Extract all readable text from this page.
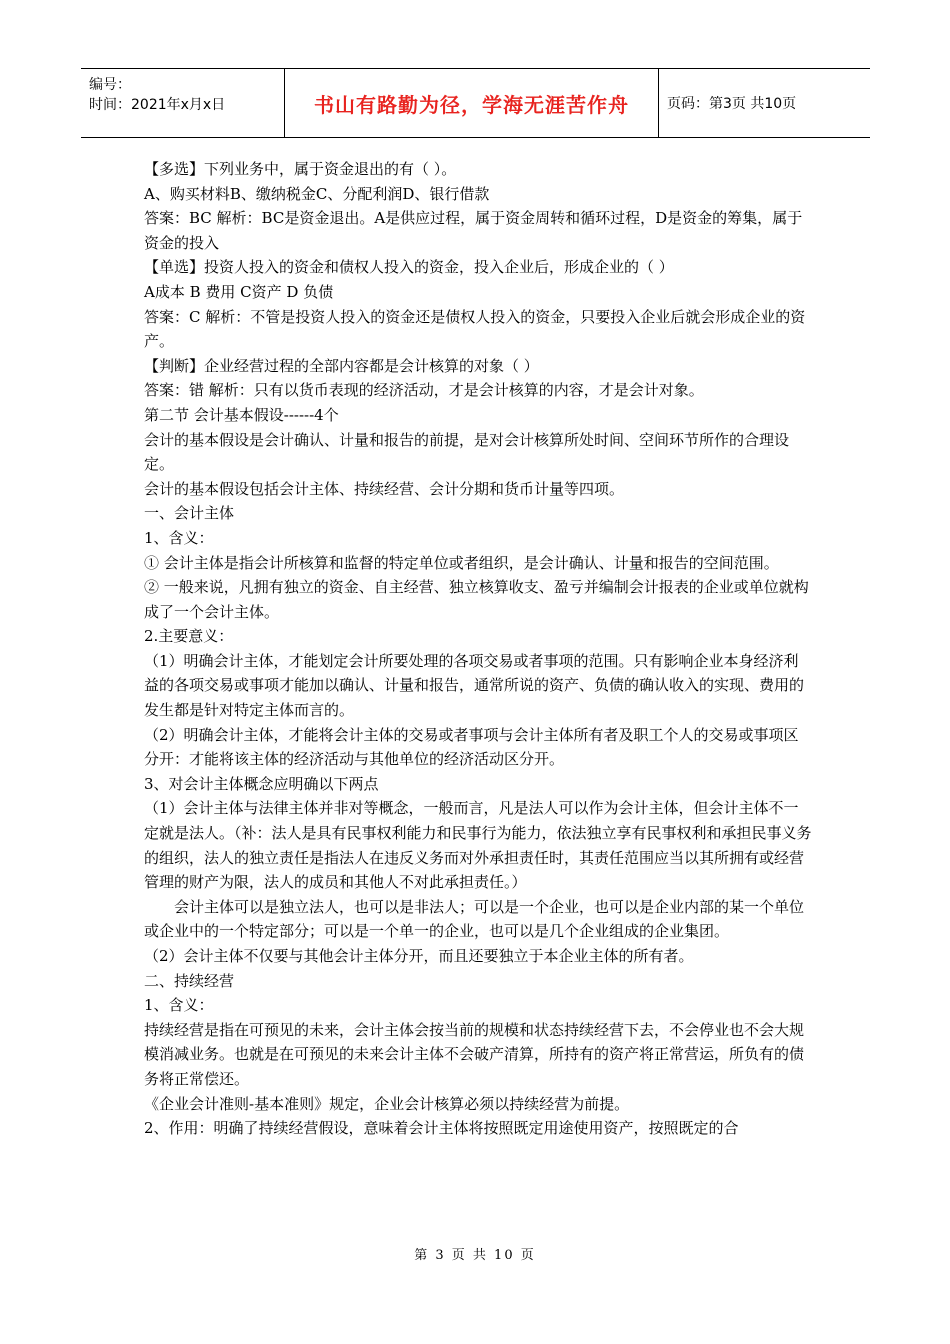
编号：
时间：2021年x月x日	书山有路勤为径，学海无涯苦作舟	页码：第3页 共10页

【多选】下列业务中，属于资金退出的有（ ）。

A、购买材料B、缴纳税金C、分配利润D、银行借款

答案：BC 解析：BC是资金退出。A是供应过程，属于资金周转和循环过程，D是资金的筹集，属于资金的投入

【单选】投资人投入的资金和债权人投入的资金，投入企业后，形成企业的（ ）

A成本 B 费用 C资产 D 负债

答案：C 解析：不管是投资人投入的资金还是债权人投入的资金，只要投入企业后就会形成企业的资产。

【判断】企业经营过程的全部内容都是会计核算的对象（ ）

答案：错 解析：只有以货币表现的经济活动，才是会计核算的内容，才是会计对象。

第二节 会计基本假设------4个

会计的基本假设是会计确认、计量和报告的前提，是对会计核算所处时间、空间环节所作的合理设定。

会计的基本假设包括会计主体、持续经营、会计分期和货币计量等四项。

一、会计主体

1、含义：

① 会计主体是指会计所核算和监督的特定单位或者组织，是会计确认、计量和报告的空间范围。

② 一般来说，凡拥有独立的资金、自主经营、独立核算收支、盈亏并编制会计报表的企业或单位就构成了一个会计主体。

2.主要意义：

（1）明确会计主体，才能划定会计所要处理的各项交易或者事项的范围。只有影响企业本身经济利益的各项交易或事项才能加以确认、计量和报告，通常所说的资产、负债的确认收入的实现、费用的发生都是针对特定主体而言的。

（2）明确会计主体，才能将会计主体的交易或者事项与会计主体所有者及职工个人的交易或事项区分开：才能将该主体的经济活动与其他单位的经济活动区分开。

3、对会计主体概念应明确以下两点

（1）会计主体与法律主体并非对等概念，一般而言，凡是法人可以作为会计主体，但会计主体不一定就是法人。（补：法人是具有民事权利能力和民事行为能力，依法独立享有民事权利和承担民事义务的组织，法人的独立责任是指法人在违反义务而对外承担责任时，其责任范围应当以其所拥有或经营管理的财产为限，法人的成员和其他人不对此承担责任。）

会计主体可以是独立法人，也可以是非法人；可以是一个企业，也可以是企业内部的某一个单位或企业中的一个特定部分；可以是一个单一的企业，也可以是几个企业组成的企业集团。

（2）会计主体不仅要与其他会计主体分开，而且还要独立于本企业主体的所有者。

二、持续经营

1、含义：

持续经营是指在可预见的未来，会计主体会按当前的规模和状态持续经营下去，不会停业也不会大规模消减业务。也就是在可预见的未来会计主体不会破产清算，所持有的资产将正常营运，所负有的债务将正常偿还。

《企业会计准则-基本准则》规定，企业会计核算必须以持续经营为前提。

2、作用：明确了持续经营假设，意味着会计主体将按照既定用途使用资产，按照既定的合

第 3 页 共 10 页
